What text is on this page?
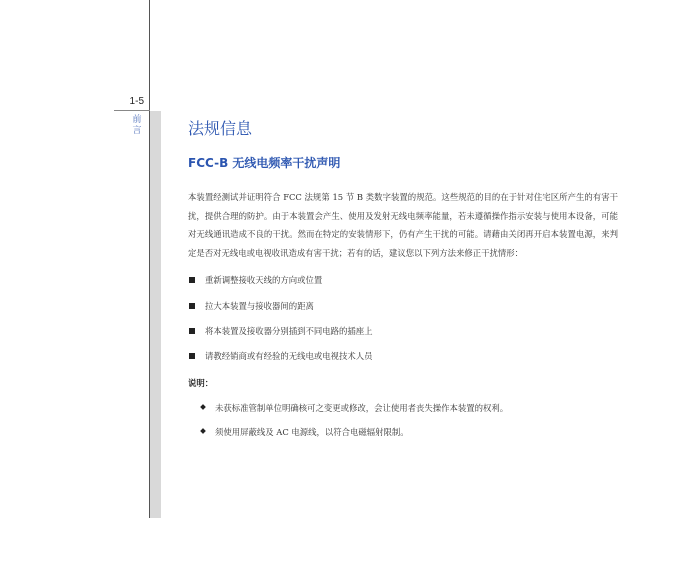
1-5
前
言	法规信息
FCC-B 无线电频率干扰声明

本装置经测试并证明符合 FCC 法规第 15 节 B 类数字装置的规范。这些规范的目的在于针对住宅区所产生的有害干扰，提供合理的防护。由于本装置会产生、使用及发射无线电频率能量，若未遵循操作指示安装与使用本设备，可能对无线通讯造成不良的干扰。然而在特定的安装情形下，仍有产生干扰的可能。请藉由关闭再开启本装置电源，来判定是否对无线电或电视收讯造成有害干扰；若有的话，建议您以下列方法来修正干扰情形：

重新调整接收天线的方向或位置
拉大本装置与接收器间的距离
将本装置及接收器分别插到不同电路的插座上
请教经销商或有经验的无线电或电视技术人员
说明：
未获标准管制单位明确核可之变更或修改，会让使用者丧失操作本装置的权利。
须使用屏蔽线及 AC 电源线，以符合电磁辐射限制。
